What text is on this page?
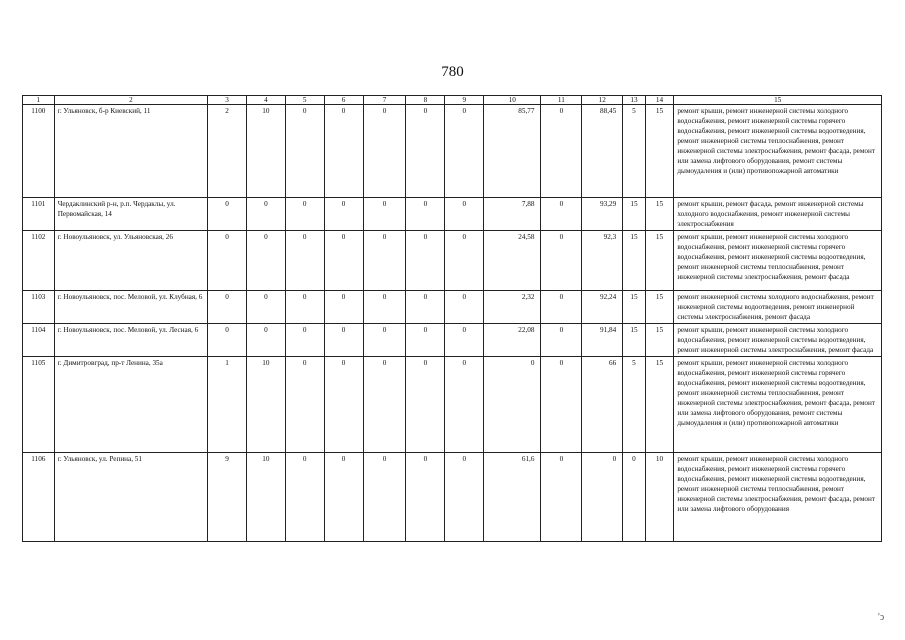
780
1	2	3	4	5	6	7	8	9	10	11	12	13	14	15
1100	г. Ульяновск, б-р Киевский, 11	2	10	0	0	0	0	0	85,77	0	88,45	5	15	ремонт крыши, ремонт инженерной системы холодного водоснабжения, ремонт инженерной системы горячего водоснабжения, ремонт инженерной системы водоотведения, ремонт инженерной системы теплоснабжения, ремонт инженерной системы электроснабжения, ремонт фасада, ремонт или замена лифтового оборудования, ремонт системы дымоудаления и (или) противопожарной автоматики
1101	Чердаклинский р-н, р.п. Чердаклы, ул. Первомайская, 14	0	0	0	0	0	0	0	7,88	0	93,29	15	15	ремонт крыши, ремонт фасада, ремонт инженерной системы холодного водоснабжения, ремонт инженерной системы электроснабжения
1102	г. Новоульяновск, ул. Ульяновская, 26	0	0	0	0	0	0	0	24,58	0	92,3	15	15	ремонт крыши, ремонт инженерной системы холодного водоснабжения, ремонт инженерной системы горячего водоснабжения, ремонт инженерной системы водоотведения, ремонт инженерной системы теплоснабжения, ремонт инженерной системы электроснабжения, ремонт фасада
1103	г. Новоульяновск, пос. Меловой, ул. Клубная, 6	0	0	0	0	0	0	0	2,32	0	92,24	15	15	ремонт инженерной системы холодного водоснабжения, ремонт инженерной системы водоотведения, ремонт инженерной системы электроснабжения, ремонт фасада
1104	г. Новоульяновск, пос. Меловой, ул. Лесная, 6	0	0	0	0	0	0	0	22,08	0	91,84	15	15	ремонт крыши, ремонт инженерной системы холодного водоснабжения, ремонт инженерной системы водоотведения, ремонт инженерной системы электроснабжения, ремонт фасада
1105	г. Димитровград, пр-т Ленина, 35а	1	10	0	0	0	0	0	0	0	66	5	15	ремонт крыши, ремонт инженерной системы холодного водоснабжения, ремонт инженерной системы горячего водоснабжения, ремонт инженерной системы водоотведения, ремонт инженерной системы теплоснабжения, ремонт инженерной системы электроснабжения, ремонт фасада, ремонт или замена лифтового оборудования, ремонт системы дымоудаления и (или) противопожарной автоматики
1106	г. Ульяновск, ул. Репина, 51	9	10	0	0	0	0	0	61,6	0	0	0	10	ремонт крыши, ремонт инженерной системы холодного водоснабжения, ремонт инженерной системы горячего водоснабжения, ремонт инженерной системы водоотведения, ремонт инженерной системы теплоснабжения, ремонт инженерной системы электроснабжения, ремонт фасада, ремонт или замена лифтового оборудования
'ↄ
